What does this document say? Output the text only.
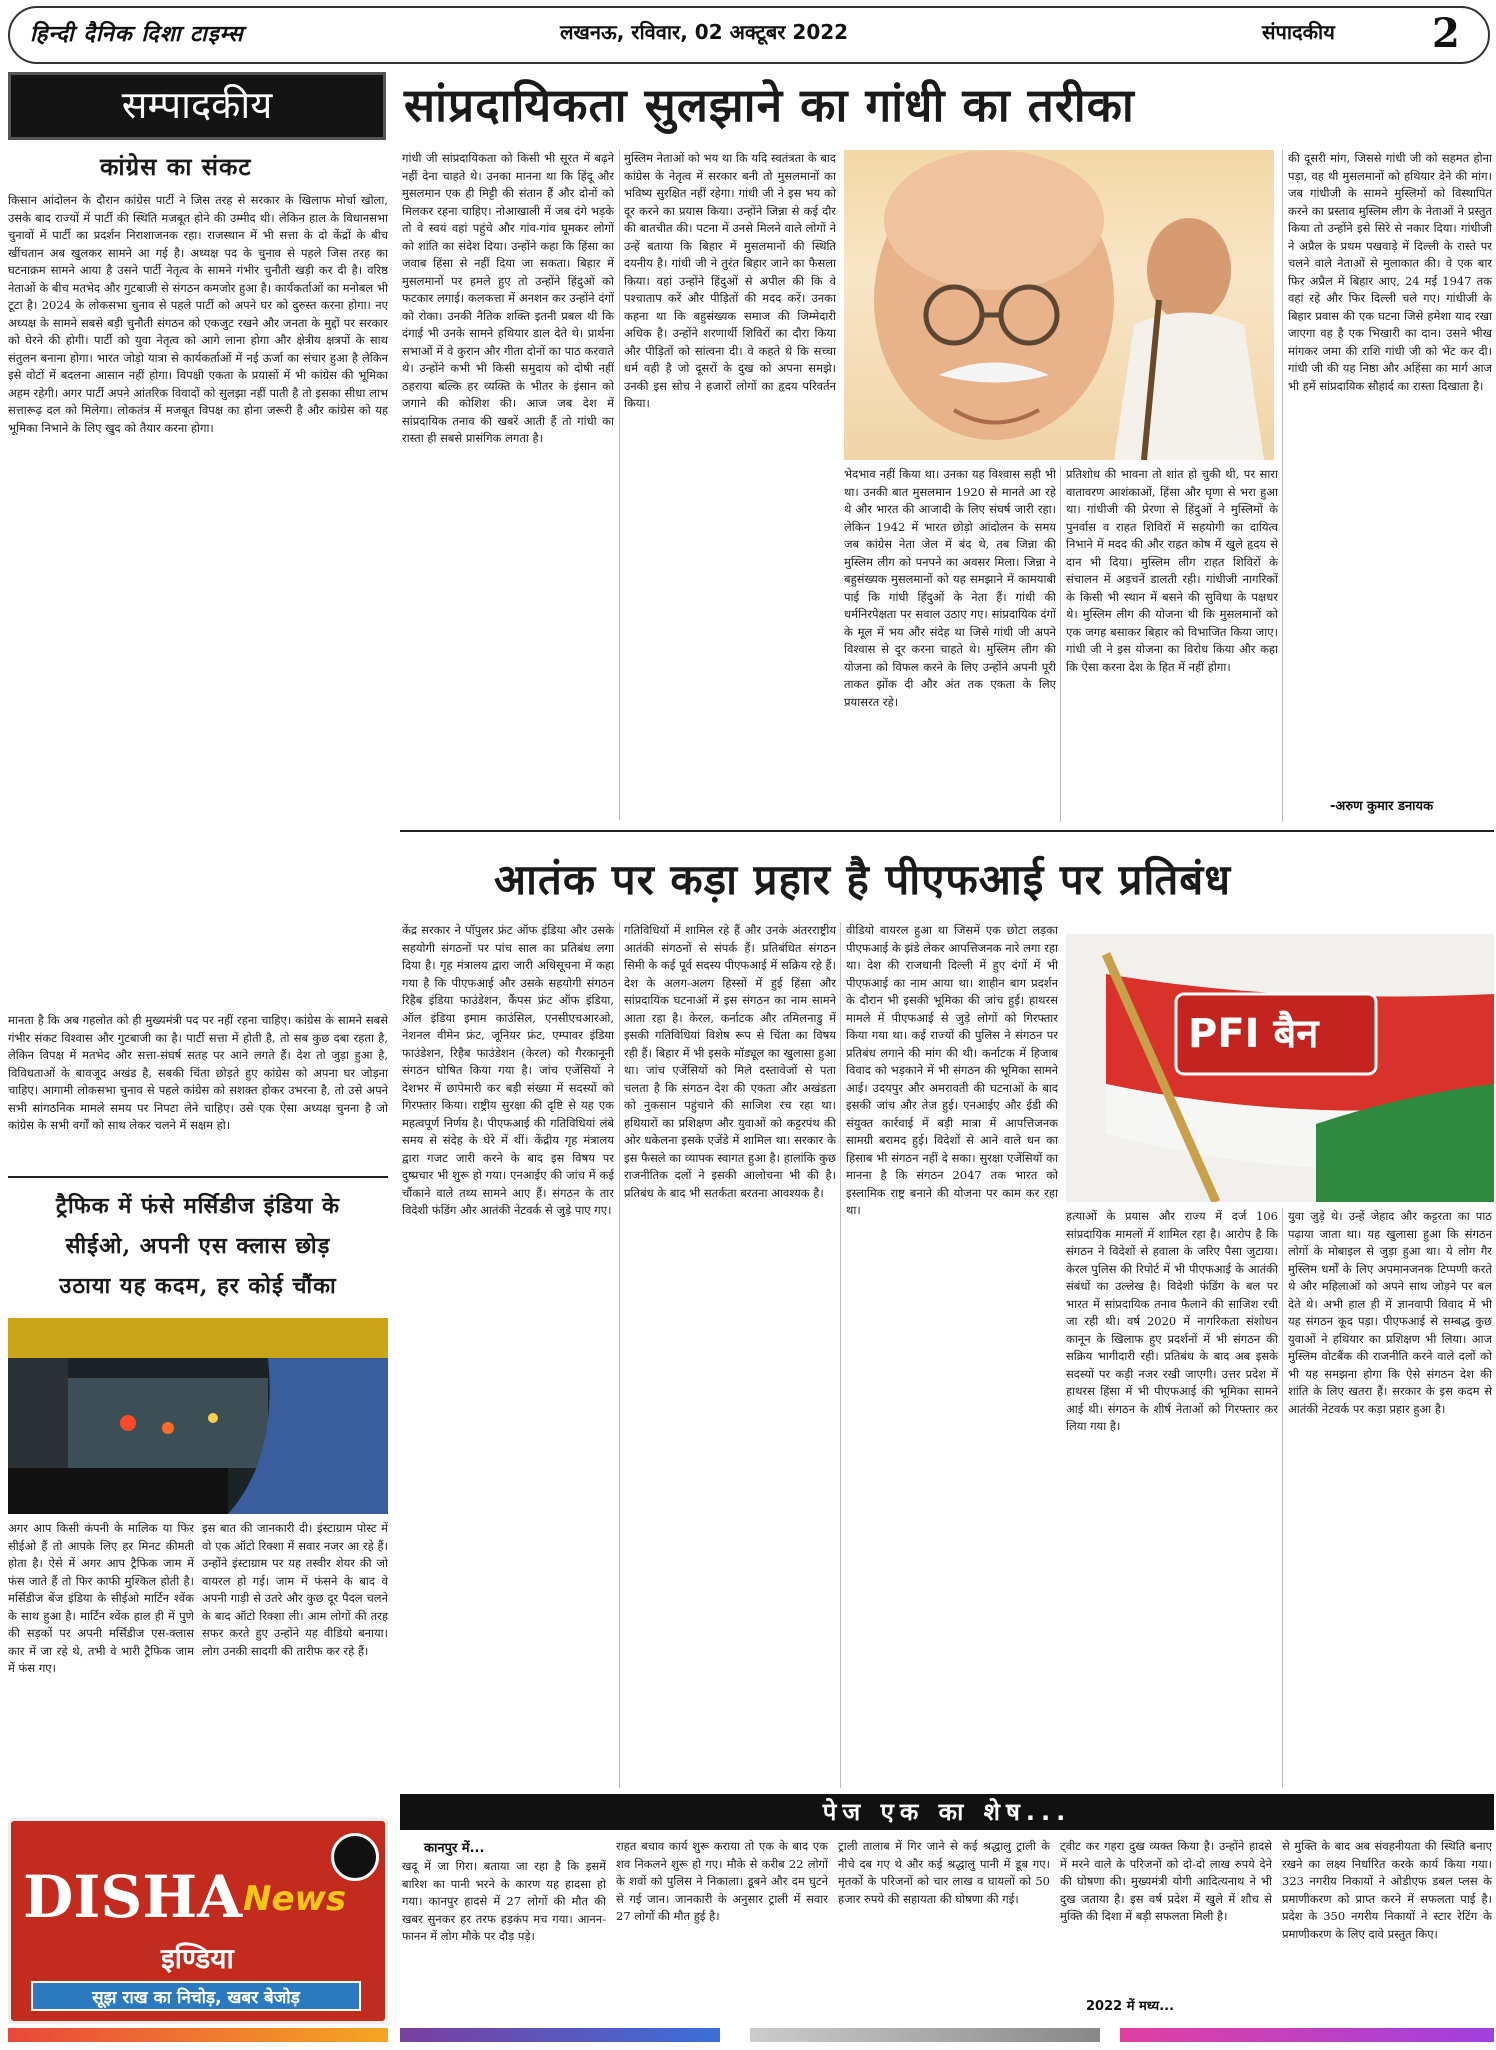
हिन्दी दैनिक दिशा टाइम्स	लखनऊ, रविवार, 02 अक्टूबर 2022	संपादकीय 2
सम्पादकीय
कांग्रेस का संकट
सांप्रदायिकता सुलझाने का गांधी का तरीका
किसान आंदोलन के दौरान कांग्रेस पार्टी ने जिस तरह से सरकार के खिलाफ मोर्चा खोला, उसके बाद राज्यों में पार्टी की स्थिति मजबूत होने की उम्मीद थी। लेकिन हाल के विधानसभा चुनावों में पार्टी का प्रदर्शन निराशाजनक रहा। राजस्थान में भी सत्ता के दो केंद्रों के बीच खींचतान अब खुलकर सामने आ गई है। अध्यक्ष पद के चुनाव से पहले जिस तरह का घटनाक्रम सामने आया है उसने पार्टी नेतृत्व के सामने गंभीर चुनौती खड़ी कर दी है। वरिष्ठ नेताओं के बीच मतभेद और गुटबाजी से संगठन कमजोर हुआ है। कार्यकर्ताओं का मनोबल भी टूटा है। 2024 के लोकसभा चुनाव से पहले पार्टी को अपने घर को दुरुस्त करना होगा। नए अध्यक्ष के सामने सबसे बड़ी चुनौती संगठन को एकजुट रखने और जनता के मुद्दों पर सरकार को घेरने की होगी। पार्टी को युवा नेतृत्व को आगे लाना होगा और क्षेत्रीय क्षत्रपों के साथ संतुलन बनाना होगा। भारत जोड़ो यात्रा से कार्यकर्ताओं में नई ऊर्जा का संचार हुआ है लेकिन इसे वोटों में बदलना आसान नहीं होगा। विपक्षी एकता के प्रयासों में भी कांग्रेस की भूमिका अहम रहेगी। अगर पार्टी अपने आंतरिक विवादों को सुलझा नहीं पाती है तो इसका सीधा लाभ सत्तारूढ़ दल को मिलेगा। लोकतंत्र में मजबूत विपक्ष का होना जरूरी है और कांग्रेस को यह भूमिका निभाने के लिए खुद को तैयार करना होगा।
मानता है कि अब गहलोत को ही मुख्यमंत्री पद पर नहीं रहना चाहिए। कांग्रेस के सामने सबसे गंभीर संकट विश्वास और गुटबाजी का है। पार्टी सत्ता में होती है, तो सब कुछ दबा रहता है, लेकिन विपक्ष में मतभेद और सत्ता-संघर्ष सतह पर आने लगते हैं। देश तो जुड़ा हुआ है, विविधताओं के बावजूद अखंड है, सबकी चिंता छोड़ते हुए कांग्रेस को अपना घर जोड़ना चाहिए। आगामी लोकसभा चुनाव से पहले कांग्रेस को सशक्त होकर उभरना है, तो उसे अपने सभी सांगठनिक मामले समय पर निपटा लेने चाहिए। उसे एक ऐसा अध्यक्ष चुनना है जो कांग्रेस के सभी वर्गों को साथ लेकर चलने में सक्षम हो।
गांधी जी सांप्रदायिकता को किसी भी सूरत में बढ़ने नहीं देना चाहते थे। उनका मानना था कि हिंदू और मुसलमान एक ही मिट्टी की संतान हैं और दोनों को मिलकर रहना चाहिए। नोआखाली में जब दंगे भड़के तो वे स्वयं वहां पहुंचे और गांव-गांव घूमकर लोगों को शांति का संदेश दिया। उन्होंने कहा कि हिंसा का जवाब हिंसा से नहीं दिया जा सकता। बिहार में मुसलमानों पर हमले हुए तो उन्होंने हिंदुओं को फटकार लगाई। कलकत्ता में अनशन कर उन्होंने दंगों को रोका। उनकी नैतिक शक्ति इतनी प्रबल थी कि दंगाई भी उनके सामने हथियार डाल देते थे। प्रार्थना सभाओं में वे कुरान और गीता दोनों का पाठ करवाते थे। उन्होंने कभी भी किसी समुदाय को दोषी नहीं ठहराया बल्कि हर व्यक्ति के भीतर के इंसान को जगाने की कोशिश की। आज जब देश में सांप्रदायिक तनाव की खबरें आती हैं तो गांधी का रास्ता ही सबसे प्रासंगिक लगता है।
मुस्लिम नेताओं को भय था कि यदि स्वतंत्रता के बाद कांग्रेस के नेतृत्व में सरकार बनी तो मुसलमानों का भविष्य सुरक्षित नहीं रहेगा। गांधी जी ने इस भय को दूर करने का प्रयास किया। उन्होंने जिन्ना से कई दौर की बातचीत की। पटना में उनसे मिलने वाले लोगों ने उन्हें बताया कि बिहार में मुसलमानों की स्थिति दयनीय है। गांधी जी ने तुरंत बिहार जाने का फैसला किया। वहां उन्होंने हिंदुओं से अपील की कि वे पश्चाताप करें और पीड़ितों की मदद करें। उनका कहना था कि बहुसंख्यक समाज की जिम्मेदारी अधिक है। उन्होंने शरणार्थी शिविरों का दौरा किया और पीड़ितों को सांत्वना दी। वे कहते थे कि सच्चा धर्म वही है जो दूसरों के दुख को अपना समझे। उनकी इस सोच ने हजारों लोगों का हृदय परिवर्तन किया।
भेदभाव नहीं किया था। उनका यह विश्वास सही भी था। उनकी बात मुसलमान 1920 से मानते आ रहे थे और भारत की आजादी के लिए संघर्ष जारी रहा। लेकिन 1942 में भारत छोड़ो आंदोलन के समय जब कांग्रेस नेता जेल में बंद थे, तब जिन्ना की मुस्लिम लीग को पनपने का अवसर मिला। जिन्ना ने बहुसंख्यक मुसलमानों को यह समझाने में कामयाबी पाई कि गांधी हिंदुओं के नेता हैं। गांधी की धर्मनिरपेक्षता पर सवाल उठाए गए। सांप्रदायिक दंगों के मूल में भय और संदेह था जिसे गांधी जी अपने विश्वास से दूर करना चाहते थे। मुस्लिम लीग की योजना को विफल करने के लिए उन्होंने अपनी पूरी ताकत झोंक दी और अंत तक एकता के लिए प्रयासरत रहे।
प्रतिशोध की भावना तो शांत हो चुकी थी, पर सारा वातावरण आशंकाओं, हिंसा और घृणा से भरा हुआ था। गांधीजी की प्रेरणा से हिंदुओं ने मुस्लिमों के पुनर्वास व राहत शिविरों में सहयोगी का दायित्व निभाने में मदद की और राहत कोष में खुले हृदय से दान भी दिया। मुस्लिम लीग राहत शिविरों के संचालन में अड़चनें डालती रही। गांधीजी नागरिकों के किसी भी स्थान में बसने की सुविधा के पक्षधर थे। मुस्लिम लीग की योजना थी कि मुसलमानों को एक जगह बसाकर बिहार को विभाजित किया जाए। गांधी जी ने इस योजना का विरोध किया और कहा कि ऐसा करना देश के हित में नहीं होगा।
की दूसरी मांग, जिससे गांधी जी को सहमत होना पड़ा, वह थी मुसलमानों को हथियार देने की मांग। जब गांधीजी के सामने मुस्लिमों को विस्थापित करने का प्रस्ताव मुस्लिम लीग के नेताओं ने प्रस्तुत किया तो उन्होंने इसे सिरे से नकार दिया। गांधीजी ने अप्रैल के प्रथम पखवाड़े में दिल्ली के रास्ते पर चलने वाले नेताओं से मुलाकात की। वे एक बार फिर अप्रैल में बिहार आए, 24 मई 1947 तक वहां रहे और फिर दिल्ली चले गए। गांधीजी के बिहार प्रवास की एक घटना जिसे हमेशा याद रखा जाएगा वह है एक भिखारी का दान। उसने भीख मांगकर जमा की राशि गांधी जी को भेंट कर दी। गांधी जी की यह निष्ठा और अहिंसा का मार्ग आज भी हमें सांप्रदायिक सौहार्द का रास्ता दिखाता है।
-अरुण कुमार डनायक
आतंक पर कड़ा प्रहार है पीएफआई पर प्रतिबंध
केंद्र सरकार ने पॉपुलर फ्रंट ऑफ इंडिया और उसके सहयोगी संगठनों पर पांच साल का प्रतिबंध लगा दिया है। गृह मंत्रालय द्वारा जारी अधिसूचना में कहा गया है कि पीएफआई और उसके सहयोगी संगठन रिहैब इंडिया फाउंडेशन, कैंपस फ्रंट ऑफ इंडिया, ऑल इंडिया इमाम काउंसिल, एनसीएचआरओ, नेशनल वीमेन फ्रंट, जूनियर फ्रंट, एम्पावर इंडिया फाउंडेशन, रिहैब फाउंडेशन (केरल) को गैरकानूनी संगठन घोषित किया गया है। जांच एजेंसियों ने देशभर में छापेमारी कर बड़ी संख्या में सदस्यों को गिरफ्तार किया। राष्ट्रीय सुरक्षा की दृष्टि से यह एक महत्वपूर्ण निर्णय है। पीएफआई की गतिविधियां लंबे समय से संदेह के घेरे में थीं। केंद्रीय गृह मंत्रालय द्वारा गजट जारी करने के बाद इस विषय पर दुष्प्रचार भी शुरू हो गया। एनआईए की जांच में कई चौंकाने वाले तथ्य सामने आए हैं। संगठन के तार विदेशी फंडिंग और आतंकी नेटवर्क से जुड़े पाए गए।
गतिविधियों में शामिल रहे हैं और उनके अंतरराष्ट्रीय आतंकी संगठनों से संपर्क हैं। प्रतिबंधित संगठन सिमी के कई पूर्व सदस्य पीएफआई में सक्रिय रहे हैं। देश के अलग-अलग हिस्सों में हुई हिंसा और सांप्रदायिक घटनाओं में इस संगठन का नाम सामने आता रहा है। केरल, कर्नाटक और तमिलनाडु में इसकी गतिविधियां विशेष रूप से चिंता का विषय रही हैं। बिहार में भी इसके मॉड्यूल का खुलासा हुआ था। जांच एजेंसियों को मिले दस्तावेजों से पता चलता है कि संगठन देश की एकता और अखंडता को नुकसान पहुंचाने की साजिश रच रहा था। हथियारों का प्रशिक्षण और युवाओं को कट्टरपंथ की ओर धकेलना इसके एजेंडे में शामिल था। सरकार के इस फैसले का व्यापक स्वागत हुआ है। हालांकि कुछ राजनीतिक दलों ने इसकी आलोचना भी की है। प्रतिबंध के बाद भी सतर्कता बरतना आवश्यक है।
वीडियो वायरल हुआ था जिसमें एक छोटा लड़का पीएफआई के झंडे लेकर आपत्तिजनक नारे लगा रहा था। देश की राजधानी दिल्ली में हुए दंगों में भी पीएफआई का नाम आया था। शाहीन बाग प्रदर्शन के दौरान भी इसकी भूमिका की जांच हुई। हाथरस मामले में पीएफआई से जुड़े लोगों को गिरफ्तार किया गया था। कई राज्यों की पुलिस ने संगठन पर प्रतिबंध लगाने की मांग की थी। कर्नाटक में हिजाब विवाद को भड़काने में भी संगठन की भूमिका सामने आई। उदयपुर और अमरावती की घटनाओं के बाद इसकी जांच और तेज हुई। एनआईए और ईडी की संयुक्त कार्रवाई में बड़ी मात्रा में आपत्तिजनक सामग्री बरामद हुई। विदेशों से आने वाले धन का हिसाब भी संगठन नहीं दे सका। सुरक्षा एजेंसियों का मानना है कि संगठन 2047 तक भारत को इस्लामिक राष्ट्र बनाने की योजना पर काम कर रहा था।
PFI बैन
हत्याओं के प्रयास और राज्य में दर्ज 106 सांप्रदायिक मामलों में शामिल रहा है। आरोप है कि संगठन ने विदेशों से हवाला के जरिए पैसा जुटाया। केरल पुलिस की रिपोर्ट में भी पीएफआई के आतंकी संबंधों का उल्लेख है। विदेशी फंडिंग के बल पर भारत में सांप्रदायिक तनाव फैलाने की साजिश रची जा रही थी। वर्ष 2020 में नागरिकता संशोधन कानून के खिलाफ हुए प्रदर्शनों में भी संगठन की सक्रिय भागीदारी रही। प्रतिबंध के बाद अब इसके सदस्यों पर कड़ी नजर रखी जाएगी। उत्तर प्रदेश में हाथरस हिंसा में भी पीएफआई की भूमिका सामने आई थी। संगठन के शीर्ष नेताओं को गिरफ्तार कर लिया गया है।
युवा जुड़े थे। उन्हें जेहाद और कट्टरता का पाठ पढ़ाया जाता था। यह खुलासा हुआ कि संगठन लोगों के मोबाइल से जुड़ा हुआ था। ये लोग गैर मुस्लिम धर्मों के लिए अपमानजनक टिप्पणी करते थे और महिलाओं को अपने साथ जोड़ने पर बल देते थे। अभी हाल ही में ज्ञानवापी विवाद में भी यह संगठन कूद पड़ा। पीएफआई से सम्बद्ध कुछ युवाओं ने हथियार का प्रशिक्षण भी लिया। आज मुस्लिम वोटबैंक की राजनीति करने वाले दलों को भी यह समझना होगा कि ऐसे संगठन देश की शांति के लिए खतरा हैं। सरकार के इस कदम से आतंकी नेटवर्क पर कड़ा प्रहार हुआ है।
ट्रैफिक में फंसे मर्सिडीज इंडिया के
सीईओ, अपनी एस क्लास छोड़
उठाया यह कदम, हर कोई चौंका
अगर आप किसी कंपनी के मालिक या फिर सीईओ हैं तो आपके लिए हर मिनट कीमती होता है। ऐसे में अगर आप ट्रैफिक जाम में फंस जाते हैं तो फिर काफी मुश्किल होती है। मर्सिडीज बेंज इंडिया के सीईओ मार्टिन श्वेंक के साथ हुआ है। मार्टिन श्वेंक हाल ही में पुणे की सड़कों पर अपनी मर्सिडीज एस-क्लास कार में जा रहे थे, तभी वे भारी ट्रैफिक जाम में फंस गए।
इस बात की जानकारी दी। इंस्टाग्राम पोस्ट में वो एक ऑटो रिक्शा में सवार नजर आ रहे हैं। उन्होंने इंस्टाग्राम पर यह तस्वीर शेयर की जो वायरल हो गई। जाम में फंसने के बाद वे अपनी गाड़ी से उतरे और कुछ दूर पैदल चलने के बाद ऑटो रिक्शा ली। आम लोगों की तरह सफर करते हुए उन्होंने यह वीडियो बनाया। लोग उनकी सादगी की तारीफ कर रहे हैं।
पेज एक का शेष...
कानपुर में...
खदू में जा गिरा। बताया जा रहा है कि इसमें बारिश का पानी भरने के कारण यह हादसा हो गया। कानपुर हादसे में 27 लोगों की मौत की खबर सुनकर हर तरफ हड़कंप मच गया। आनन-फानन में लोग मौके पर दौड़ पड़े।
राहत बचाव कार्य शुरू कराया तो एक के बाद एक शव निकलने शुरू हो गए। मौके से करीब 22 लोगों के शवों को पुलिस ने निकाला। डूबने और दम घुटने से गई जान। जानकारी के अनुसार ट्राली में सवार 27 लोगों की मौत हुई है।
ट्राली तालाब में गिर जाने से कई श्रद्धालु ट्राली के नीचे दब गए थे और कई श्रद्धालु पानी में डूब गए। मृतकों के परिजनों को चार लाख व घायलों को 50 हजार रुपये की सहायता की घोषणा की गई।
ट्वीट कर गहरा दुख व्यक्त किया है। उन्होंने हादसे में मरने वाले के परिजनों को दो-दो लाख रुपये देने की घोषणा की। मुख्यमंत्री योगी आदित्यनाथ ने भी दुख जताया है। इस वर्ष प्रदेश में खुले में शौच से मुक्ति की दिशा में बड़ी सफलता मिली है।
2022 में मध्य...
से मुक्ति के बाद अब संवहनीयता की स्थिति बनाए रखने का लक्ष्य निर्धारित करके कार्य किया गया। 323 नगरीय निकायों ने ओडीएफ डबल प्लस के प्रमाणीकरण को प्राप्त करने में सफलता पाई है। प्रदेश के 350 नगरीय निकायों ने स्टार रेटिंग के प्रमाणीकरण के लिए दावे प्रस्तुत किए।
DISHA News
इण्डिया
सूझ राख का निचोड़, खबर बेजोड़
